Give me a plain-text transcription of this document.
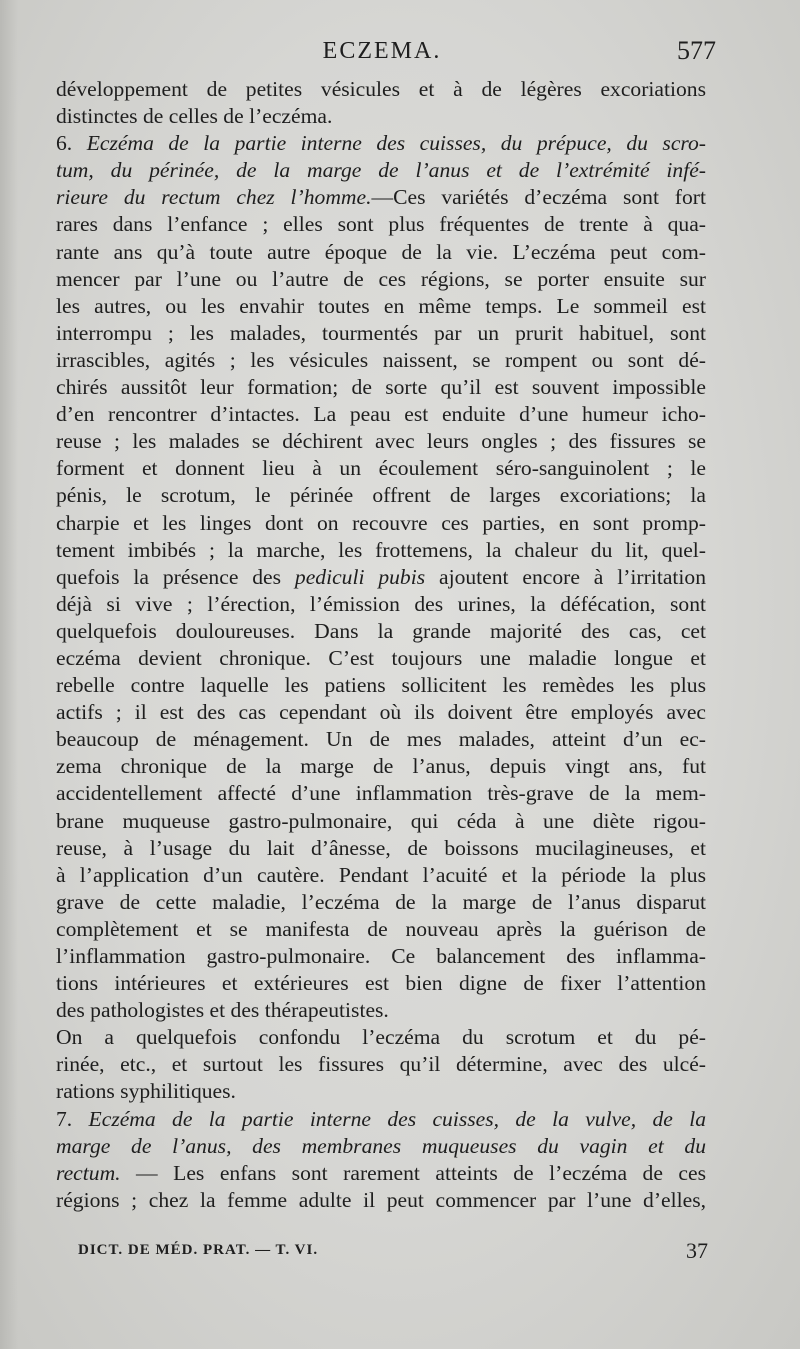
ECZEMA.	577
développement de petites vésicules et à de légères excoriations
distinctes de celles de l’eczéma.
6. Eczéma de la partie interne des cuisses, du prépuce, du scro-
tum, du périnée, de la marge de l’anus et de l’extrémité infé-
rieure du rectum chez l’homme.—Ces variétés d’eczéma sont fort
rares dans l’enfance ; elles sont plus fréquentes de trente à qua-
rante ans qu’à toute autre époque de la vie. L’eczéma peut com-
mencer par l’une ou l’autre de ces régions, se porter ensuite sur
les autres, ou les envahir toutes en même temps. Le sommeil est
interrompu ; les malades, tourmentés par un prurit habituel, sont
irrascibles, agités ; les vésicules naissent, se rompent ou sont dé-
chirés aussitôt leur formation; de sorte qu’il est souvent impossible
d’en rencontrer d’intactes. La peau est enduite d’une humeur icho-
reuse ; les malades se déchirent avec leurs ongles ; des fissures se
forment et donnent lieu à un écoulement séro-sanguinolent ; le
pénis, le scrotum, le périnée offrent de larges excoriations; la
charpie et les linges dont on recouvre ces parties, en sont promp-
tement imbibés ; la marche, les frottemens, la chaleur du lit, quel-
quefois la présence des pediculi pubis ajoutent encore à l’irritation
déjà si vive ; l’érection, l’émission des urines, la défécation, sont
quelquefois douloureuses. Dans la grande majorité des cas, cet
eczéma devient chronique. C’est toujours une maladie longue et
rebelle contre laquelle les patiens sollicitent les remèdes les plus
actifs ; il est des cas cependant où ils doivent être employés avec
beaucoup de ménagement. Un de mes malades, atteint d’un ec-
zema chronique de la marge de l’anus, depuis vingt ans, fut
accidentellement affecté d’une inflammation très-grave de la mem-
brane muqueuse gastro-pulmonaire, qui céda à une diète rigou-
reuse, à l’usage du lait d’ânesse, de boissons mucilagineuses, et
à l’application d’un cautère. Pendant l’acuité et la période la plus
grave de cette maladie, l’eczéma de la marge de l’anus disparut
complètement et se manifesta de nouveau après la guérison de
l’inflammation gastro-pulmonaire. Ce balancement des inflamma-
tions intérieures et extérieures est bien digne de fixer l’attention
des pathologistes et des thérapeutistes.
On a quelquefois confondu l’eczéma du scrotum et du pé-
rinée, etc., et surtout les fissures qu’il détermine, avec des ulcé-
rations syphilitiques.
7. Eczéma de la partie interne des cuisses, de la vulve, de la
marge de l’anus, des membranes muqueuses du vagin et du
rectum. — Les enfans sont rarement atteints de l’eczéma de ces
régions ; chez la femme adulte il peut commencer par l’une d’elles,
DICT. DE MÉD. PRAT. — T. VI.	37
